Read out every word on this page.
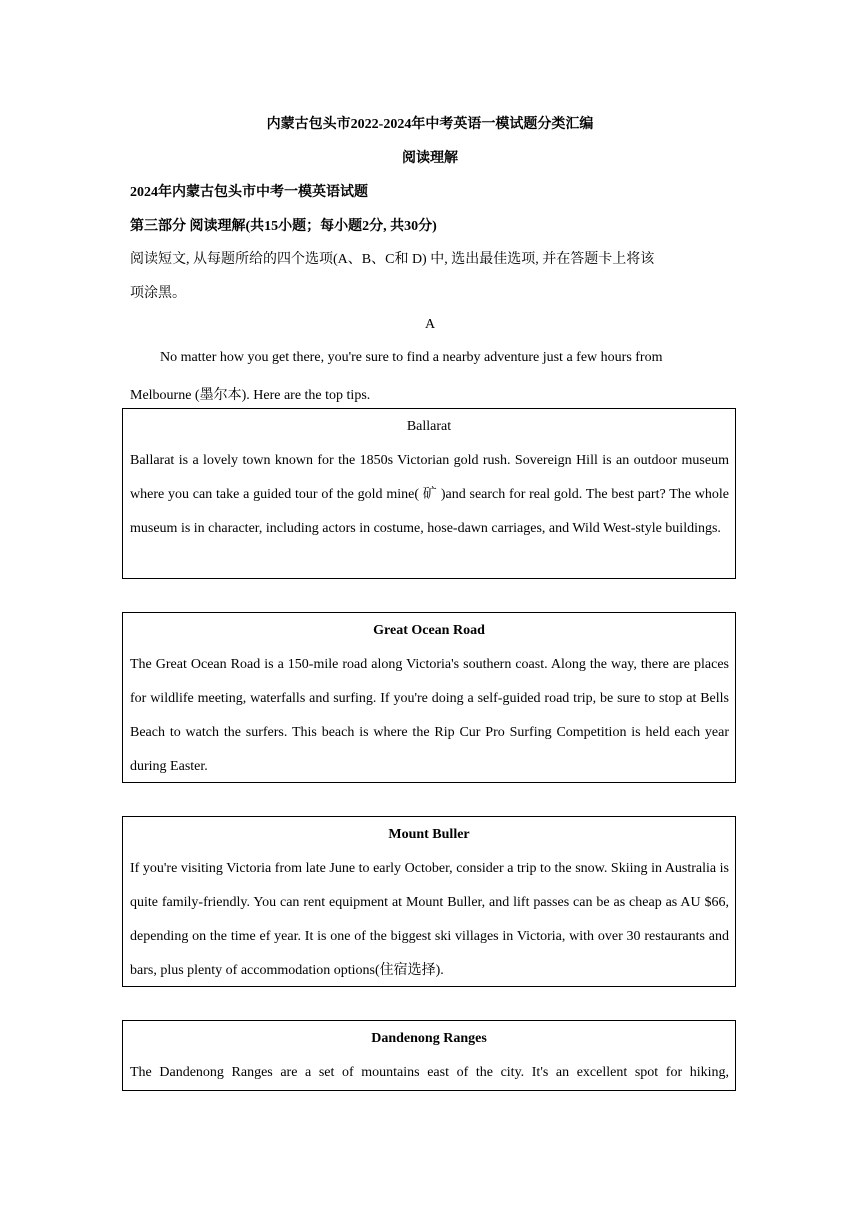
内蒙古包头市2022-2024年中考英语一模试题分类汇编
阅读理解
2024年内蒙古包头市中考一模英语试题
第三部分 阅读理解(共15小题；每小题2分, 共30分)
阅读短文, 从每题所给的四个选项(A、B、C和 D) 中, 选出最佳选项, 并在答题卡上将该
项涂黑。
A
No matter how you get there, you're sure to find a nearby adventure just a few hours from
Melbourne (墨尔本). Here are the top tips.
Ballarat
Ballarat is a lovely town known for the 1850s Victorian gold rush. Sovereign Hill is an outdoor museum where you can take a guided tour of the gold mine( 矿 )and search for real gold. The best part? The whole museum is in character, including actors in costume, hose-dawn carriages, and Wild West-style buildings.
Great Ocean Road
The Great Ocean Road is a 150-mile road along Victoria's southern coast. Along the way, there are places for wildlife meeting, waterfalls and surfing. If you're doing a self-guided road trip, be sure to stop at Bells Beach to watch the surfers. This beach is where the Rip Cur Pro Surfing Competition is held each year during Easter.
Mount Buller
If you're visiting Victoria from late June to early October, consider a trip to the snow. Skiing in Australia is quite family-friendly. You can rent equipment at Mount Buller, and lift passes can be as cheap as AU $66, depending on the time ef year. It is one of the biggest ski villages in Victoria, with over 30 restaurants and bars, plus plenty of accommodation options(住宿选择).
Dandenong Ranges
The Dandenong Ranges are a set of mountains east of the city. It's an excellent spot for hiking,
